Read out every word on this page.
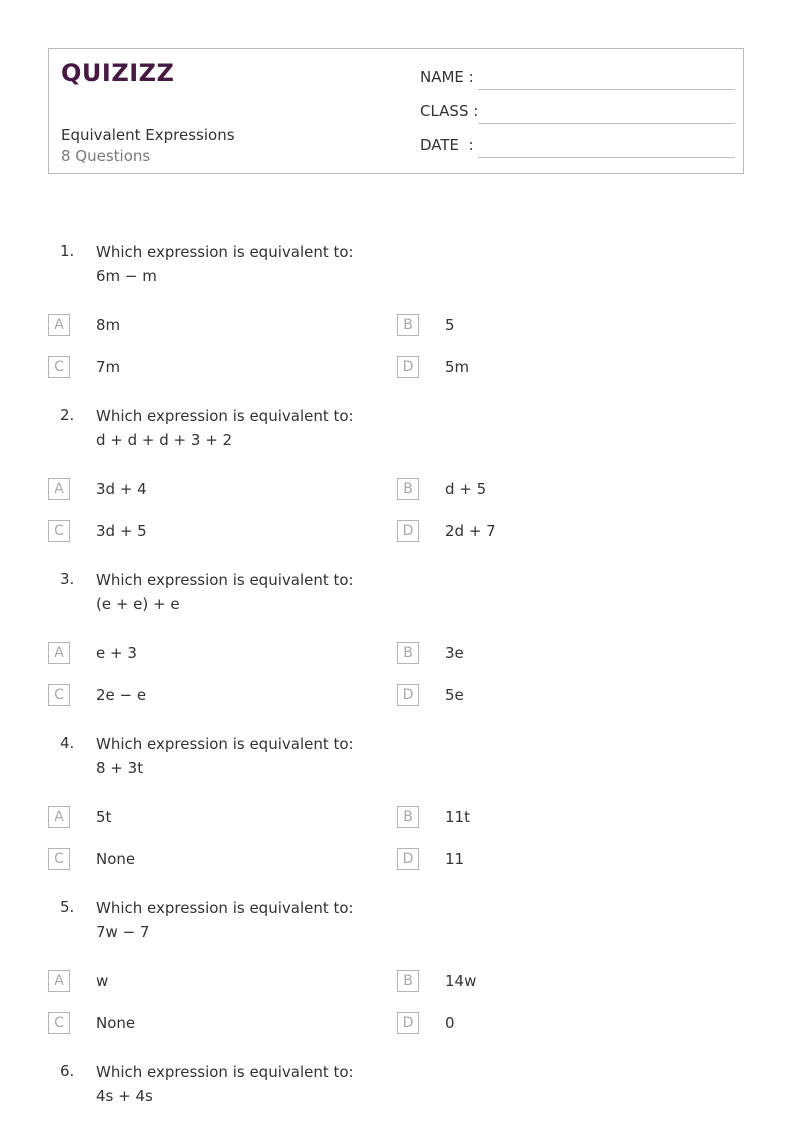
QUIZIZZ
Equivalent Expressions
8 Questions
NAME :
CLASS :
DATE  :
1. Which expression is equivalent to:
6m − m
A	8m	B	5
C	7m	D	5m
2. Which expression is equivalent to:
d + d + d + 3 + 2
A	3d + 4	B	d + 5
C	3d + 5	D	2d + 7
3. Which expression is equivalent to:
(e + e) + e
A	e + 3	B	3e
C	2e − e	D	5e
4. Which expression is equivalent to:
8 + 3t
A	5t	B	11t
C	None	D	11
5. Which expression is equivalent to:
7w − 7
A	w	B	14w
C	None	D	0
6. Which expression is equivalent to:
4s + 4s
